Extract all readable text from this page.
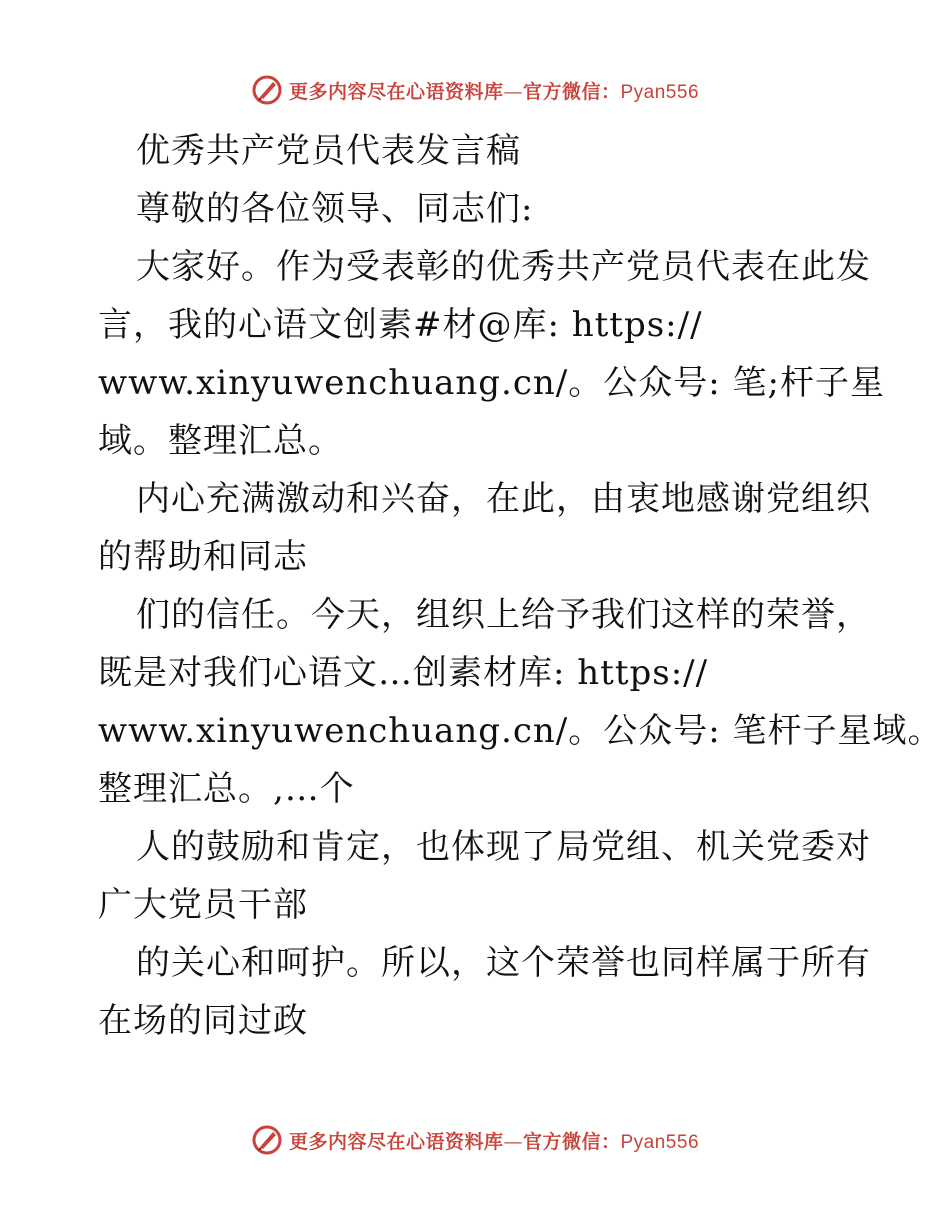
更多内容尽在心语资料库—官方微信：Pyan556
优秀共产党员代表发言稿
尊敬的各位领导、同志们:
大家好。作为受表彰的优秀共产党员代表在此发
言，我的心语文创素#材@库: https://
www.xinyuwenchuang.cn/。公众号: 笔;杆子星
域。整理汇总。
内心充满激动和兴奋，在此，由衷地感谢党组织
的帮助和同志
们的信任。今天，组织上给予我们这样的荣誉，
既是对我们心语文…创素材库: https://
www.xinyuwenchuang.cn/。公众号: 笔杆子星域。
整理汇总。,…个
人的鼓励和肯定，也体现了局党组、机关党委对
广大党员干部
的关心和呵护。所以，这个荣誉也同样属于所有
在场的同过政
更多内容尽在心语资料库—官方微信：Pyan556
